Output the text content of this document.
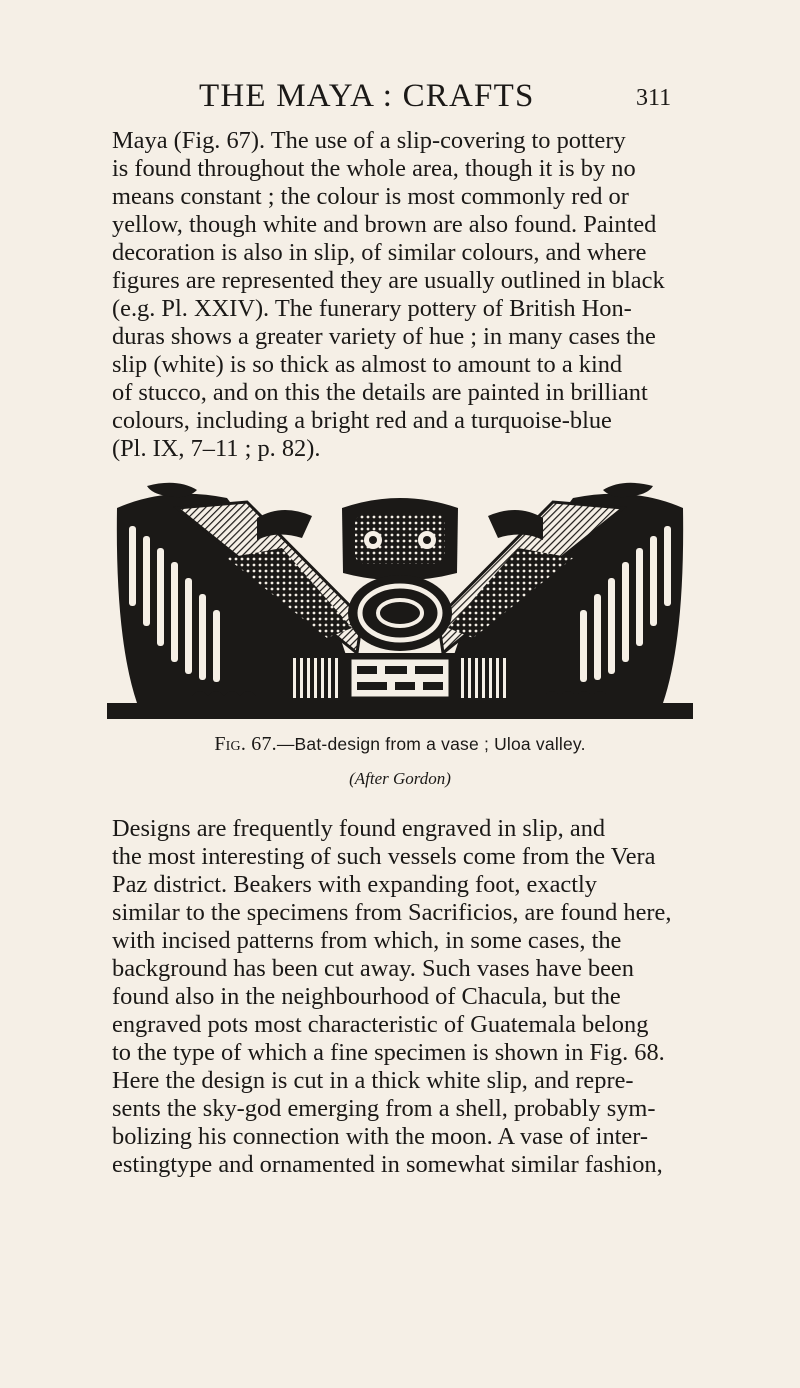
THE MAYA : CRAFTS	311
Maya (Fig. 67). The use of a slip-covering to pottery
is found throughout the whole area, though it is by no
means constant ; the colour is most commonly red or
yellow, though white and brown are also found. Painted
decoration is also in slip, of similar colours, and where
figures are represented they are usually outlined in black
(e.g. Pl. XXIV). The funerary pottery of British Hon-
duras shows a greater variety of hue ; in many cases the
slip (white) is so thick as almost to amount to a kind
of stucco, and on this the details are painted in brilliant
colours, including a bright red and a turquoise-blue
(Pl. IX, 7–11 ; p. 82).
Fig. 67.—Bat-design from a vase ; Uloa valley.
(After Gordon)
Designs are frequently found engraved in slip, and
the most interesting of such vessels come from the Vera
Paz district. Beakers with expanding foot, exactly
similar to the specimens from Sacrificios, are found here,
with incised patterns from which, in some cases, the
background has been cut away. Such vases have been
found also in the neighbourhood of Chacula, but the
engraved pots most characteristic of Guatemala belong
to the type of which a fine specimen is shown in Fig. 68.
Here the design is cut in a thick white slip, and repre-
sents the sky-god emerging from a shell, probably sym-
bolizing his connection with the moon. A vase of inter-
estingtype and ornamented in somewhat similar fashion,
